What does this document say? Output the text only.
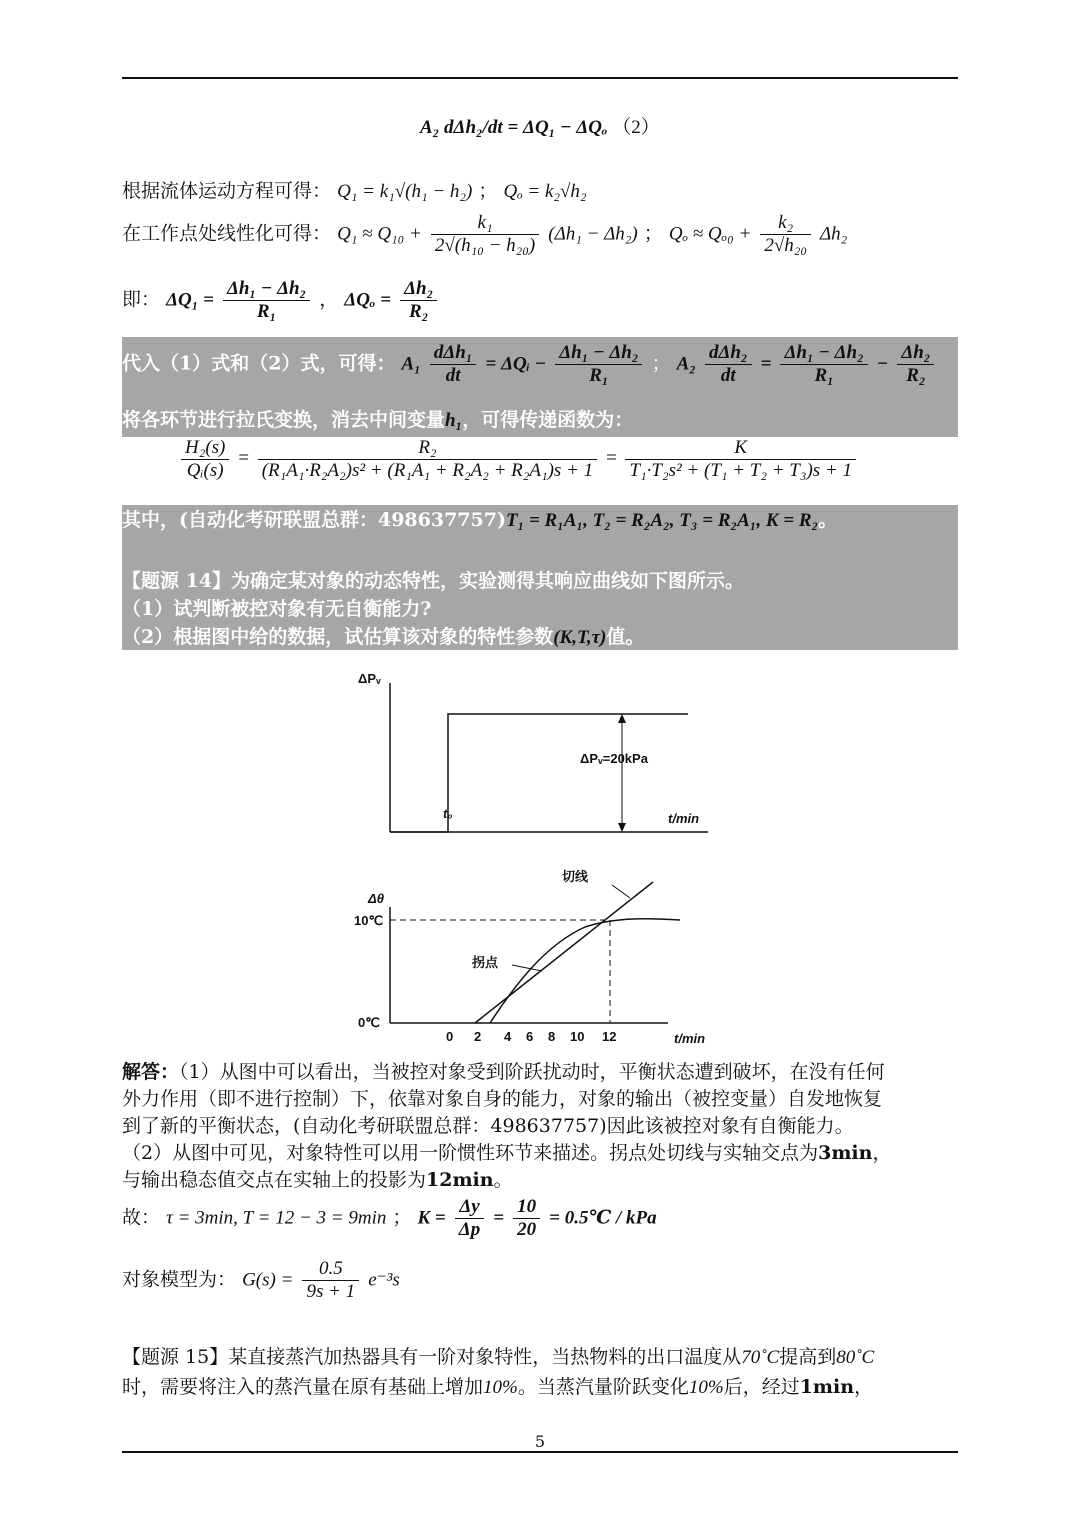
A₂ dΔh₂/dt = ΔQ₁ − ΔQₒ （2）
根据流体运动方程可得： Q₁ = k₁√(h₁ − h₂) ； Qₒ = k₂√h₂
在工作点处线性化可得： $Q_1 \approx Q_{10} + \frac{\text{k₁}}{\text{2√(h₁₀ − h₂₀)}} (\Delta h_1 - \Delta h_2)$ ； $Q_o \approx Q_{o0} + \frac{\text{k₂}}{\text{2√h₂₀}} \Delta h_2$
即： $\Delta Q_1 = \frac{\text{Δh₁ − Δh₂}}{\text{R₁}}$ ， $\Delta Q_o = \frac{\text{Δh₂}}{\text{R₂}}$
代入（1）式和（2）式，可得： $A_1 \frac{\text{dΔh₁}}{dt}$ = ΔQᵢ − $\frac{\text{Δh₁ − Δh₂}}{\text{R₁}}$ ； $A_2 \frac{\text{dΔh₂}}{dt} = \frac{\text{Δh₁ − Δh₂}}{\text{R₁}} - \frac{\text{Δh₂}}{\text{R₂}}$
将各环节进行拉氏变换，消去中间变量h₁，可得传递函数为：
$\frac{\text{H₂(s)}}{\text{Qᵢ(s)}} = \frac{\text{R₂}}{\text{(R₁A₁·R₂A₂)s² + (R₁A₁ + R₂A₂ + R₂A₁)s + 1}} = \frac{K}{\text{T₁·T₂s² + (T₁ + T₂ + T₃)s + 1}}$
其中，(自动化考研联盟总群：498637757)T₁ = R₁A₁, T₂ = R₂A₂, T₃ = R₂A₁, K = R₂。
【题源 14】为确定某对象的动态特性，实验测得其响应曲线如下图所示。
（1）试判断被控对象有无自衡能力?
（2）根据图中给的数据，试估算该对象的特性参数(K,T,τ)值。
ΔPᵥ
ΔPᵥ=20kPa
t₀	t/min
Δθ
10℃
0℃
切线
拐点
t/min
0 2 4 6 8 10 12
解答：（1）从图中可以看出，当被控对象受到阶跃扰动时，平衡状态遭到破坏，在没有任何
外力作用（即不进行控制）下，依靠对象自身的能力，对象的输出（被控变量）自发地恢复
到了新的平衡状态，(自动化考研联盟总群：498637757)因此该被控对象有自衡能力。
（2）从图中可见，对象特性可以用一阶惯性环节来描述。拐点处切线与实轴交点为3min，
与输出稳态值交点在实轴上的投影为12min。
故： τ = 3min, T = 12 − 3 = 9min ； $K = \frac{\Delta y}{\Delta p} = \frac{10}{20}$ = 0.5℃ / kPa
对象模型为： $G(s) = \frac{0.5}{9s + 1} e^{-3}s$
【题源 15】某直接蒸汽加热器具有一阶对象特性，当热物料的出口温度从70˚C提高到80˚C
时，需要将注入的蒸汽量在原有基础上增加10%。当蒸汽量阶跃变化10%后，经过1min，
5
